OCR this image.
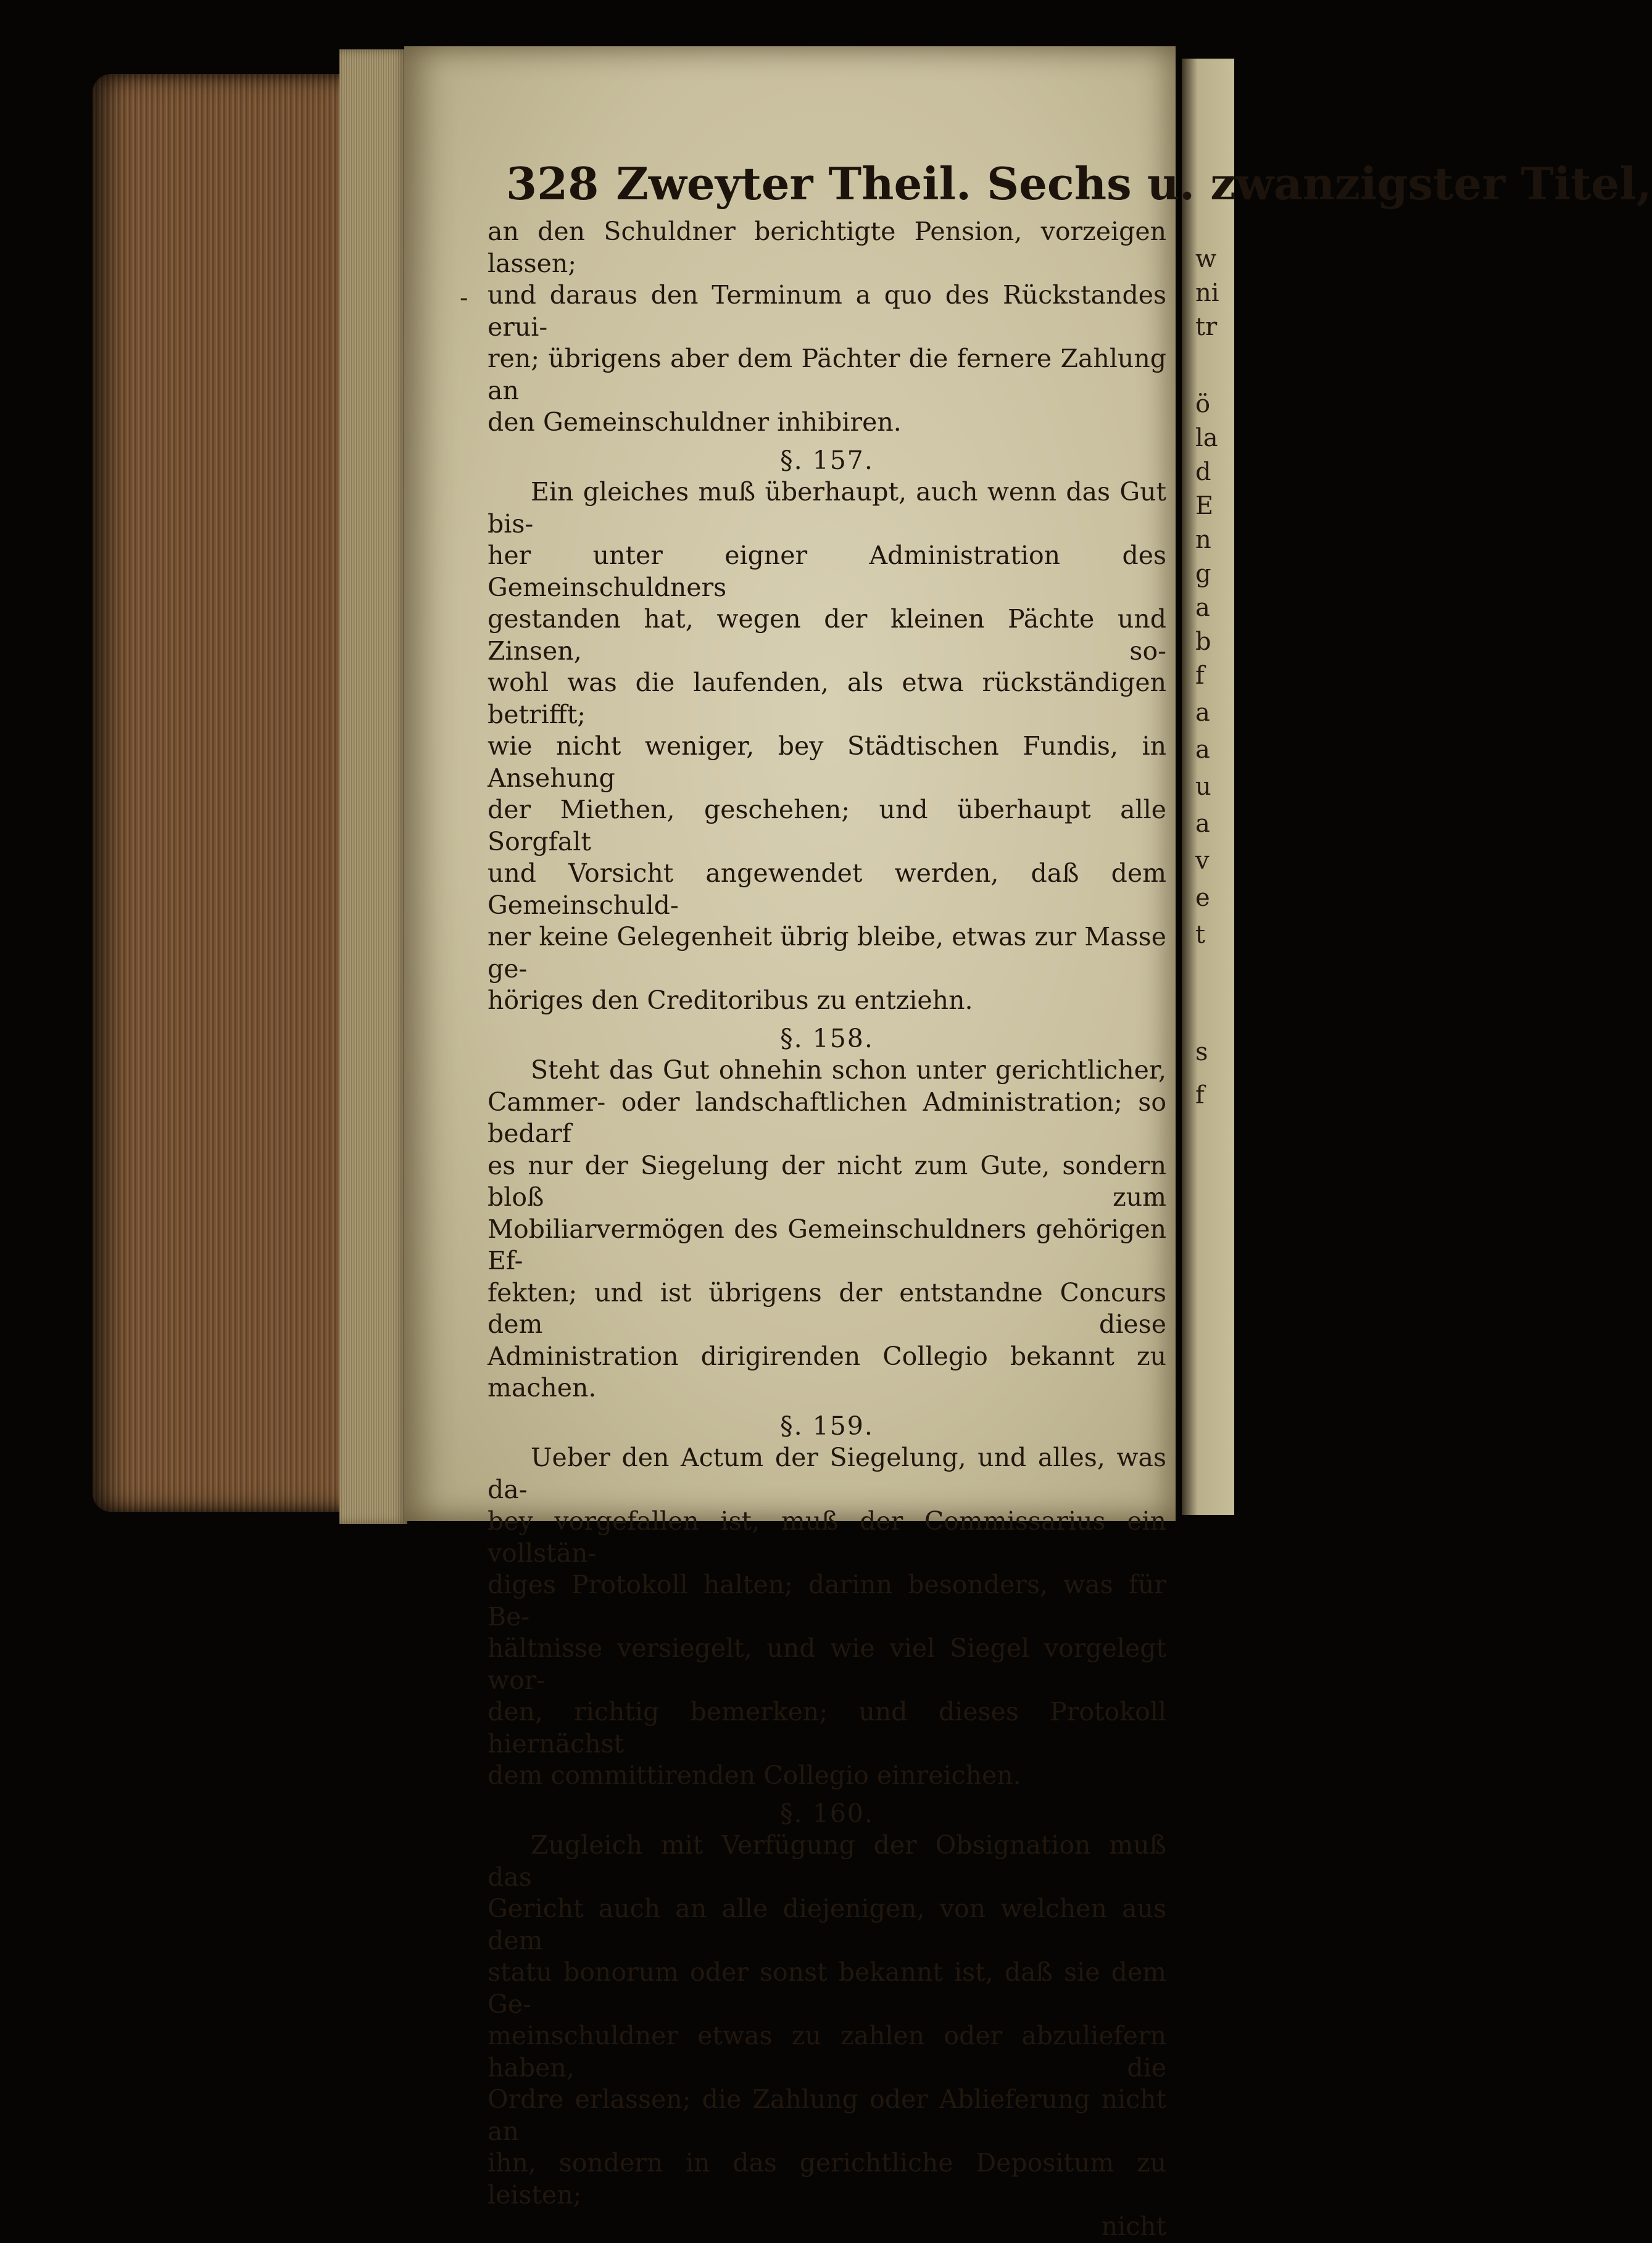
w
ni
tr
ö
la
d
E
n
g
a
b
f
a
a
u
a
v
e
t
s
f
328 Zweyter Theil. Sechs u. zwanzigster Titel,
-

an den Schuldner berichtigte Pension, vorzeigen lassen;

und daraus den Terminum a quo des Rückstandes erui-

ren; übrigens aber dem Pächter die fernere Zahlung an

den Gemeinschuldner inhibiren.

§. 157.

Ein gleiches muß überhaupt, auch wenn das Gut bis-

her unter eigner Administration des Gemeinschuldners

gestanden hat, wegen der kleinen Pächte und Zinsen, so-

wohl was die laufenden, als etwa rückständigen betrifft;

wie nicht weniger, bey Städtischen Fundis, in Ansehung

der Miethen, geschehen; und überhaupt alle Sorgfalt

und Vorsicht angewendet werden, daß dem Gemeinschuld-

ner keine Gelegenheit übrig bleibe, etwas zur Masse ge-

höriges den Creditoribus zu entziehn.

§. 158.

Steht das Gut ohnehin schon unter gerichtlicher,

Cammer- oder landschaftlichen Administration; so bedarf

es nur der Siegelung der nicht zum Gute, sondern bloß zum

Mobiliarvermögen des Gemeinschuldners gehörigen Ef-

fekten; und ist übrigens der entstandne Concurs dem diese

Administration dirigirenden Collegio bekannt zu machen.

§. 159.

Ueber den Actum der Siegelung, und alles, was da-

bey vorgefallen ist, muß der Commissarius ein vollstän-

diges Protokoll halten; darinn besonders, was für Be-

hältnisse versiegelt, und wie viel Siegel vorgelegt wor-

den, richtig bemerken; und dieses Protokoll hiernächst

dem committirenden Collegio einreichen.

§. 160.

Zugleich mit Verfügung der Obsignation muß das

Gericht auch an alle diejenigen, von welchen aus dem

statu bonorum oder sonst bekannt ist, daß sie dem Ge-

meinschuldner etwas zu zahlen oder abzuliefern haben, die

Ordre erlassen; die Zahlung oder Ablieferung nicht an

ihn, sondern in das gerichtliche Depositum zu leisten;

nicht
